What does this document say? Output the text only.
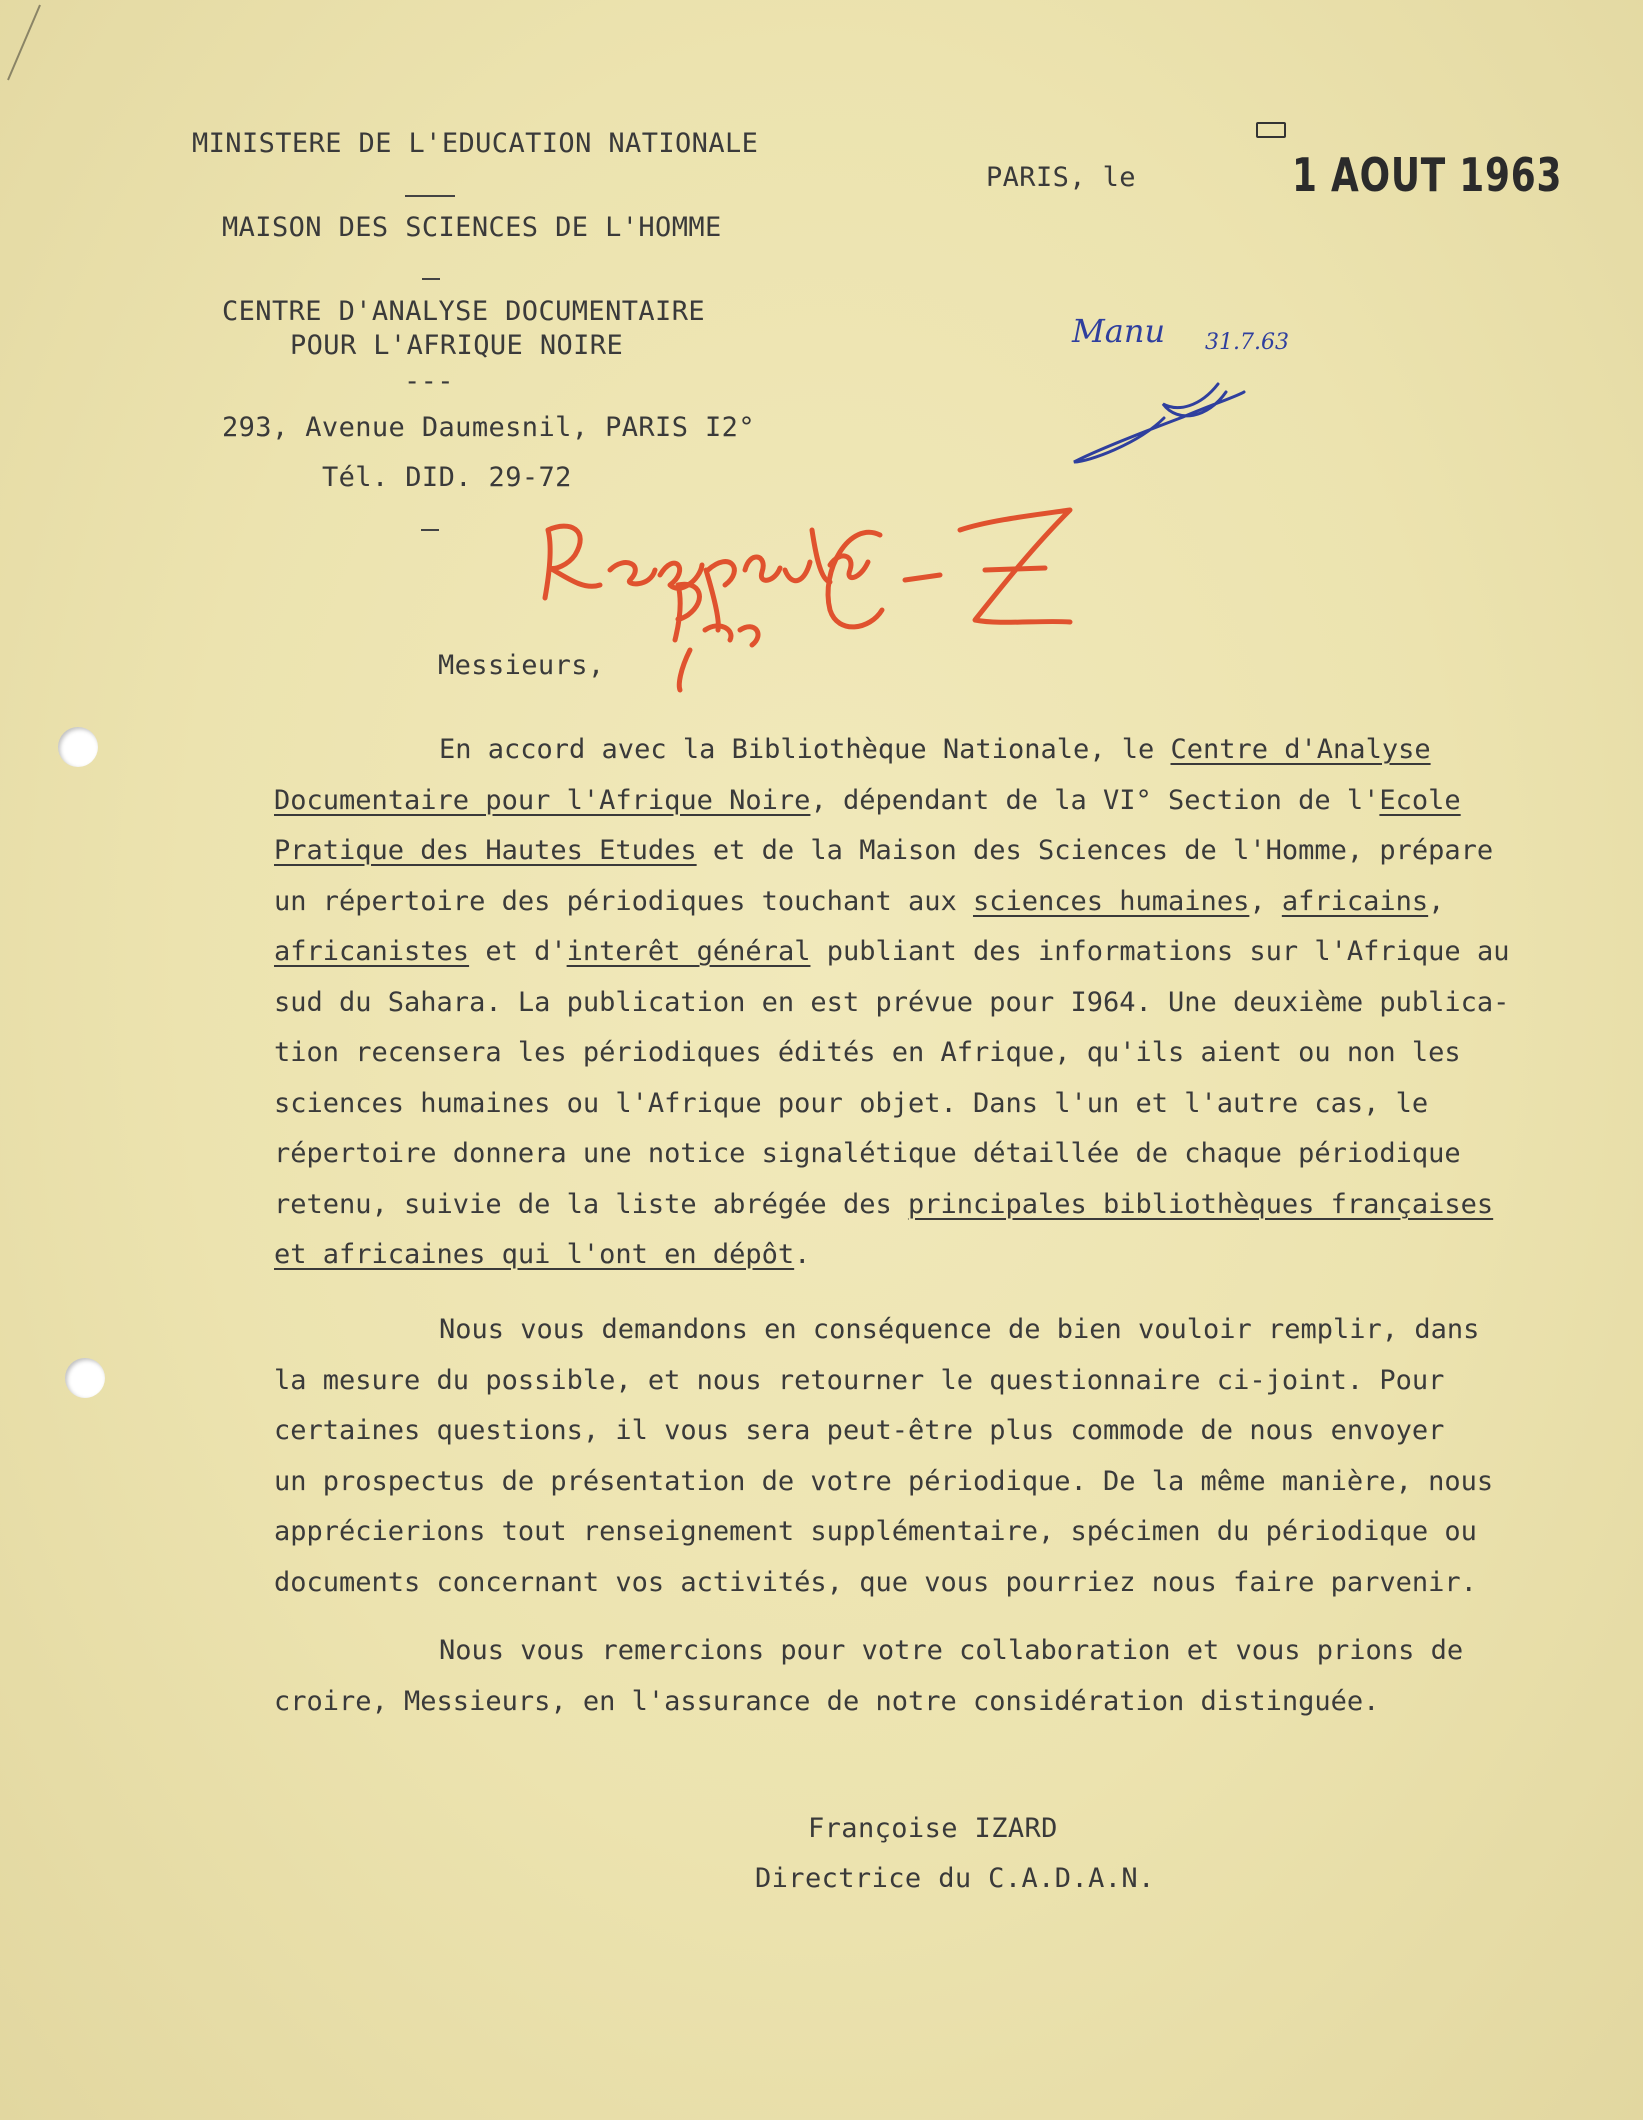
MINISTERE DE L'EDUCATION NATIONALE
MAISON DES SCIENCES DE L'HOMME
CENTRE D'ANALYSE DOCUMENTAIRE
POUR L'AFRIQUE NOIRE
---
293, Avenue Daumesnil, PARIS I2°
Tél. DID. 29-72
PARIS, le	1 AOUT 1963
Manu 31.7.63
Messieurs,
En accord avec la Bibliothèque Nationale, le Centre d'Analyse
Documentaire pour l'Afrique Noire, dépendant de la VI° Section de l'Ecole
Pratique des Hautes Etudes et de la Maison des Sciences de l'Homme, prépare
un répertoire des périodiques touchant aux sciences humaines, africains,
africanistes et d'interêt général publiant des informations sur l'Afrique au
sud du Sahara. La publication en est prévue pour I964. Une deuxième publica-
tion recensera les périodiques édités en Afrique, qu'ils aient ou non les
sciences humaines ou l'Afrique pour objet. Dans l'un et l'autre cas, le
répertoire donnera une notice signalétique détaillée de chaque périodique
retenu, suivie de la liste abrégée des principales bibliothèques françaises
et africaines qui l'ont en dépôt.
Nous vous demandons en conséquence de bien vouloir remplir, dans
la mesure du possible, et nous retourner le questionnaire ci-joint. Pour
certaines questions, il vous sera peut-être plus commode de nous envoyer
un prospectus de présentation de votre périodique. De la même manière, nous
apprécierions tout renseignement supplémentaire, spécimen du périodique ou
documents concernant vos activités, que vous pourriez nous faire parvenir.
Nous vous remercions pour votre collaboration et vous prions de
croire, Messieurs, en l'assurance de notre considération distinguée.
Françoise IZARD
Directrice du C.A.D.A.N.
